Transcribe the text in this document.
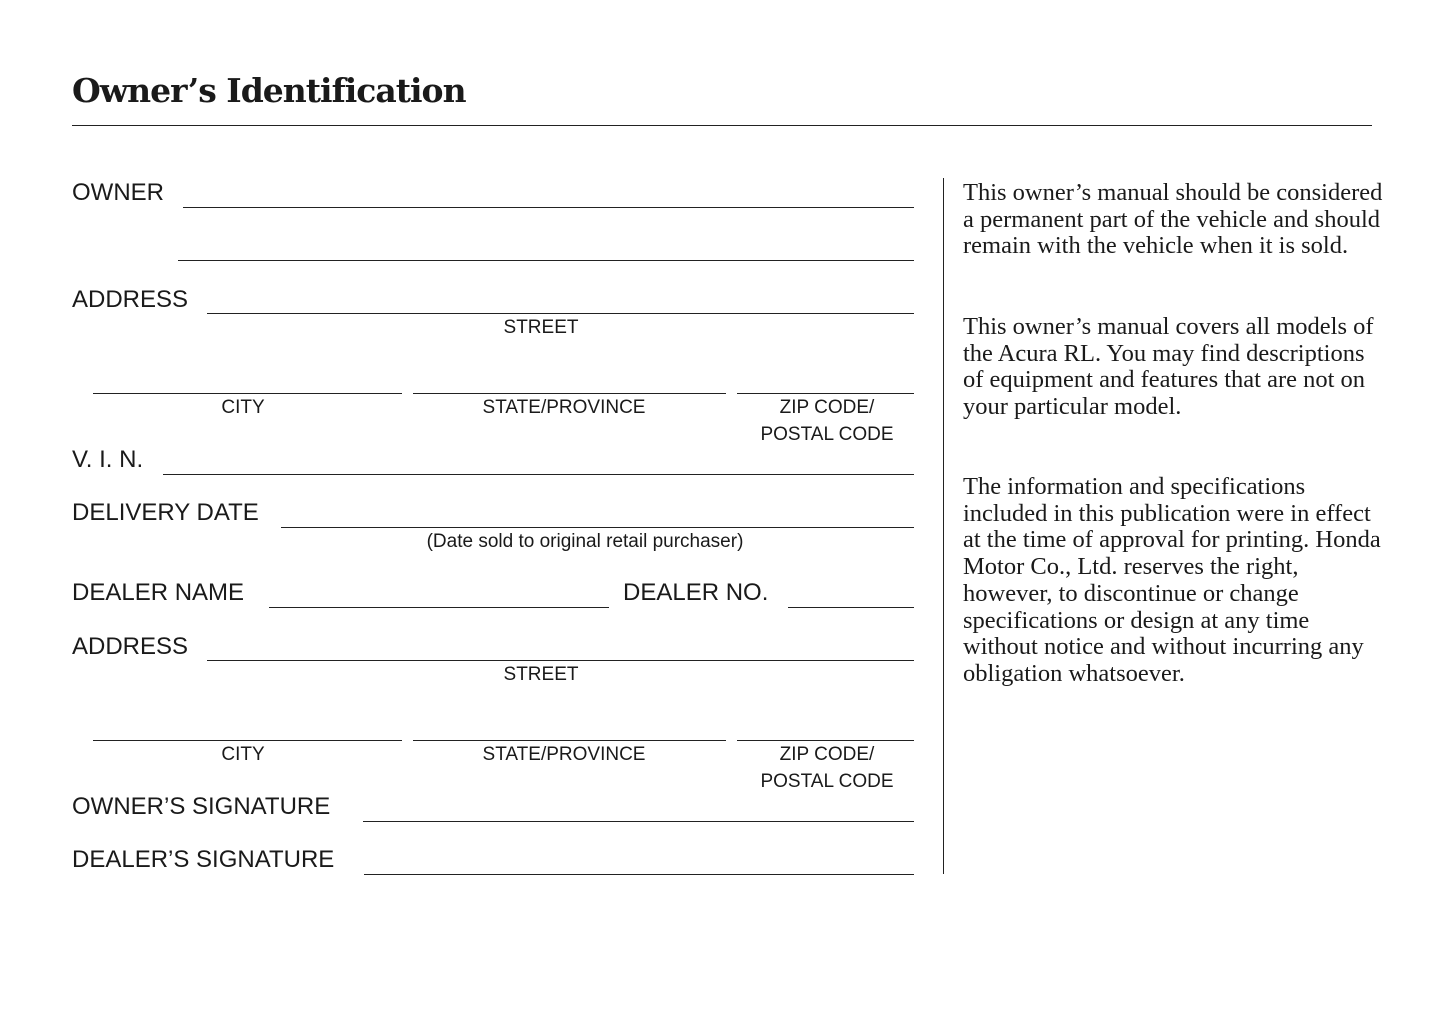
Owner’s Identification
OWNER
ADDRESS
STREET
CITY	STATE/PROVINCE	ZIP CODE/
POSTAL CODE
V. I. N.
DELIVERY DATE
(Date sold to original retail purchaser)
DEALER NAME	DEALER NO.
ADDRESS
STREET
CITY	STATE/PROVINCE	ZIP CODE/
POSTAL CODE
OWNER’S SIGNATURE
DEALER’S SIGNATURE

This owner’s manual should be considered a permanent part of the vehicle and should remain with the vehicle when it is sold.

This owner’s manual covers all models of the Acura RL. You may find descriptions of equipment and features that are not on your particular model.

The information and specifications included in this publication were in effect at the time of approval for printing. Honda Motor Co., Ltd. reserves the right, however, to discontinue or change specifications or design at any time without notice and without incurring any obligation whatsoever.
